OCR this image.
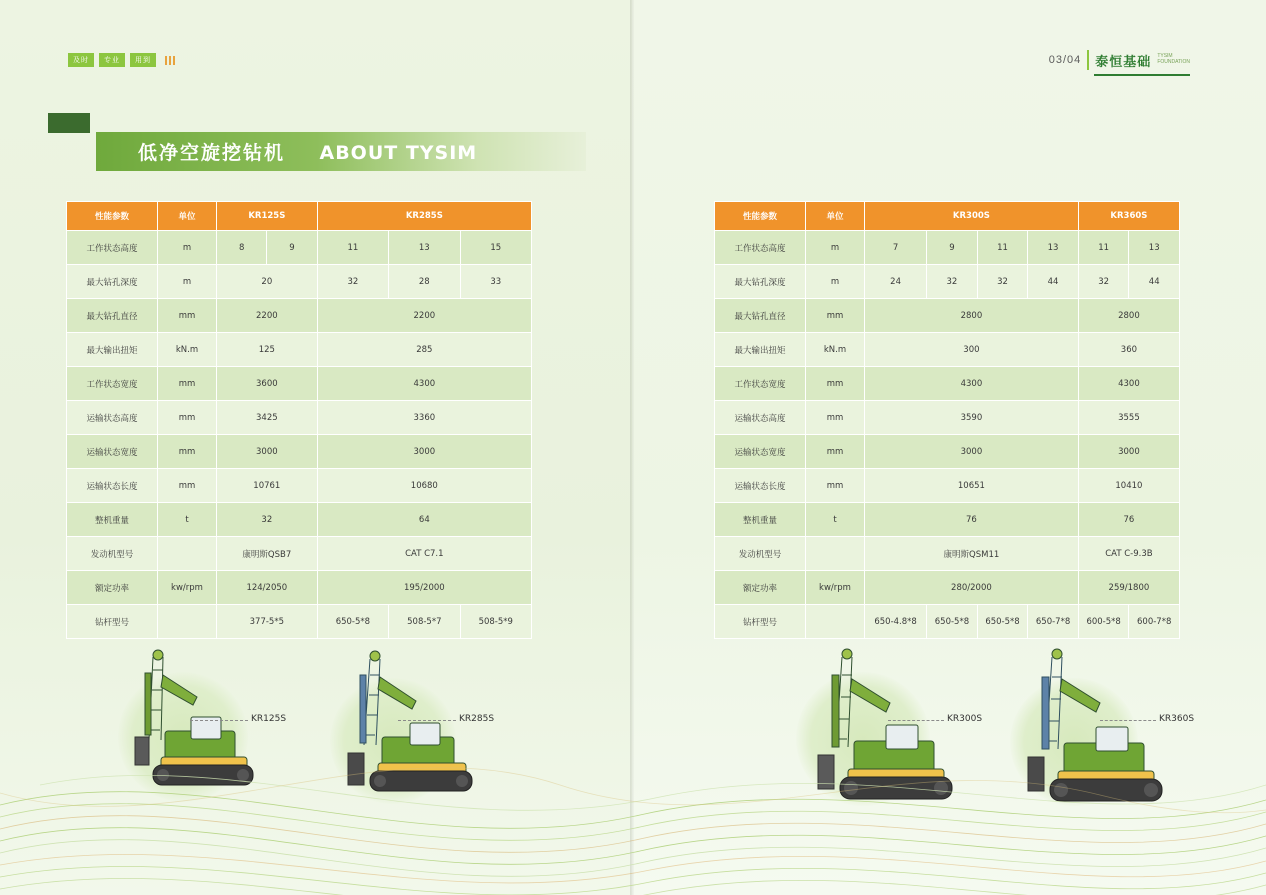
及时	专业	用到	03/04 泰恒基础 TYSIM
FOUNDATION
低净空旋挖钻机 ABOUT TYSIM
性能参数	单位	KR125S		KR285S		
工作状态高度	m	8	9	11	13	15
最大钻孔深度	m	20		32	28	33
最大钻孔直径	mm	2200		2200		
最大输出扭矩	kN.m	125		285		
工作状态宽度	mm	3600		4300		
运输状态高度	mm	3425		3360		
运输状态宽度	mm	3000		3000		
运输状态长度	mm	10761		10680		
整机重量	t	32		64		
发动机型号		康明斯QSB7		CAT C7.1		
额定功率	kw/rpm	124/2050		195/2000		
钻杆型号		377-5*5		650-5*8	508-5*7	508-5*9
性能参数	单位	KR300S				KR360S	
工作状态高度	m	7	9	11	13	11	13
最大钻孔深度	m	24	32	32	44	32	44
最大钻孔直径	mm	2800				2800	
最大输出扭矩	kN.m	300				360	
工作状态宽度	mm	4300				4300	
运输状态高度	mm	3590				3555	
运输状态宽度	mm	3000				3000	
运输状态长度	mm	10651				10410	
整机重量	t	76				76	
发动机型号		康明斯QSM11				CAT C-9.3B	
额定功率	kw/rpm	280/2000				259/1800	
钻杆型号		650-4.8*8	650-5*8	650-5*8	650-7*8	600-5*8	600-7*8
KR125S	KR285S	KR300S	KR360S
